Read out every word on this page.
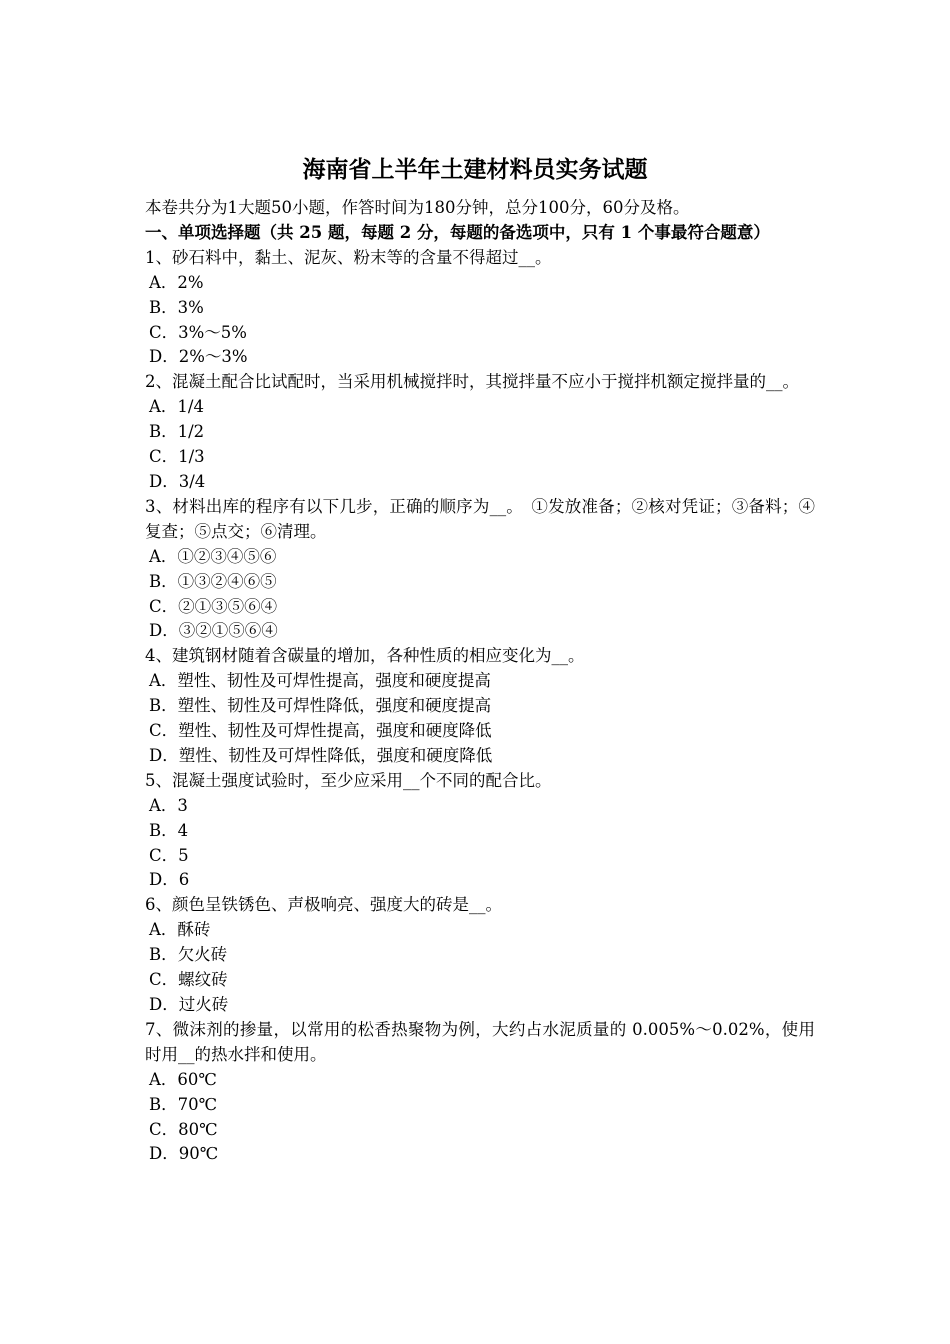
海南省上半年土建材料员实务试题

本卷共分为1大题50小题，作答时间为180分钟，总分100分，60分及格。

一、单项选择题（共 25 题，每题 2 分，每题的备选项中，只有 1 个事最符合题意）

1、砂石料中，黏土、泥灰、粉末等的含量不得超过__。

A．2%

B．3%

C．3%～5%

D．2%～3%

2、混凝土配合比试配时，当采用机械搅拌时，其搅拌量不应小于搅拌机额定搅拌量的__。

A．1/4

B．1/2

C．1/3

D．3/4

3、材料出库的程序有以下几步，正确的顺序为__。　①发放准备；②核对凭证；③备料；④复查；⑤点交；⑥清理。

A．①②③④⑤⑥

B．①③②④⑥⑤

C．②①③⑤⑥④

D．③②①⑤⑥④

4、建筑钢材随着含碳量的增加，各种性质的相应变化为__。

A．塑性、韧性及可焊性提高，强度和硬度提高

B．塑性、韧性及可焊性降低，强度和硬度提高

C．塑性、韧性及可焊性提高，强度和硬度降低

D．塑性、韧性及可焊性降低，强度和硬度降低

5、混凝土强度试验时，至少应采用__个不同的配合比。

A．3

B．4

C．5

D．6

6、颜色呈铁锈色、声极响亮、强度大的砖是__。

A．酥砖

B．欠火砖

C．螺纹砖

D．过火砖

7、微沫剂的掺量，以常用的松香热聚物为例，大约占水泥质量的 0.005%～0.02%，使用时用__的热水拌和使用。

A．60℃

B．70℃

C．80℃

D．90℃
